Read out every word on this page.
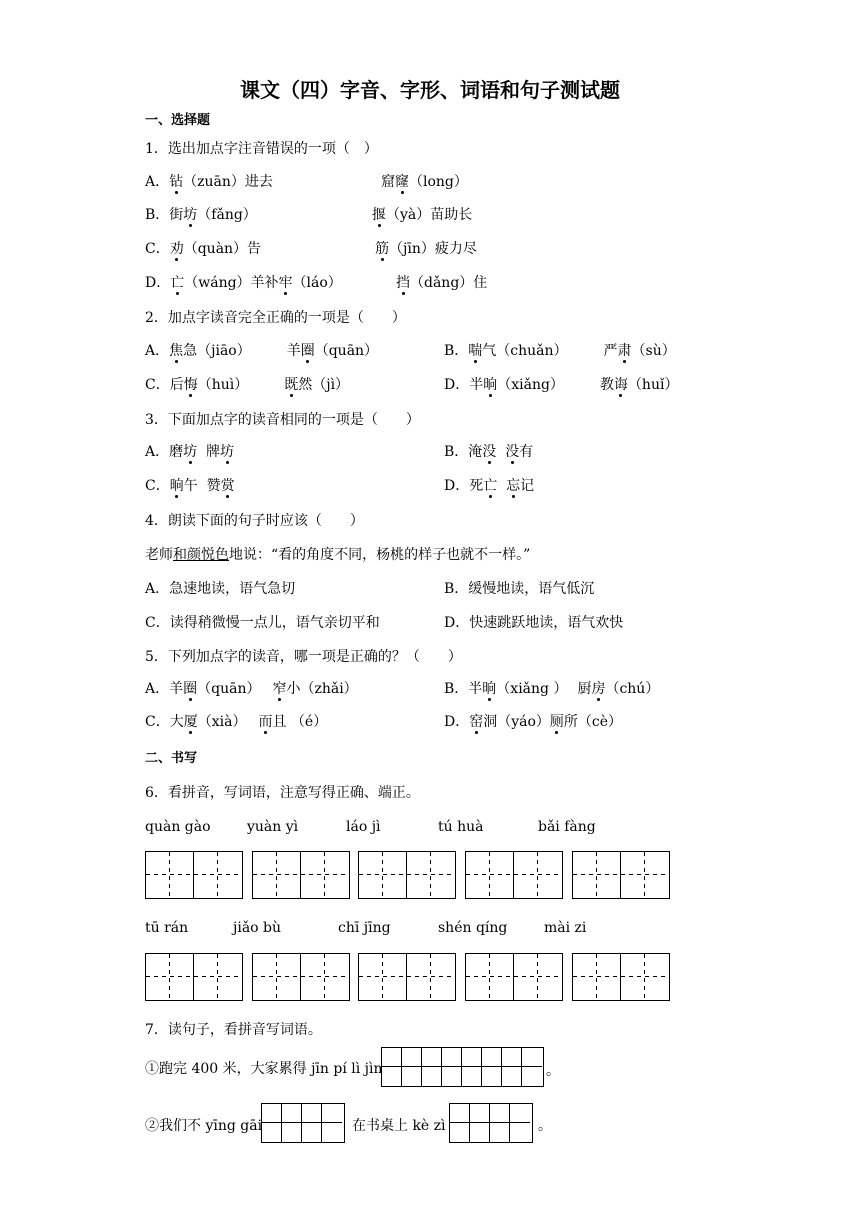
课文（四）字音、字形、词语和句子测试题
一、选择题
1．选出加点字注音错误的一项（　）
A．钻（zuān）进去	窟窿（long）
B．街坊（fǎng）	揠（yà）苗助长
C．劝（quàn）告	筋（jīn）疲力尽
D．亡（wáng）羊补牢（láo）	挡（dǎng）住
2．加点字读音完全正确的一项是（　　）
A．焦急（jiāo）	羊圈（quān）	B．喘气（chuǎn）	严肃（sù）
C．后悔（huì）	既然（jì）	D．半晌（xiǎng）	教诲（huǐ）
3．下面加点字的读音相同的一项是（　　）
A．磨坊  牌坊	B．淹没 没有
C．晌午  赞赏	D．死亡 忘记
4．朗读下面的句子时应该（　　）
老师和颜悦色地说：“看的角度不同，杨桃的样子也就不一样。”
A．急速地读，语气急切	B．缓慢地读，语气低沉
C．读得稍微慢一点儿，语气亲切平和	D．快速跳跃地读，语气欢快
5．下列加点字的读音，哪一项是正确的？（　　）
A．羊圈（quān） 窄小（zhǎi）	B．半晌（xiǎng ） 厨房（chú）
C．大厦（xià） 而且 （é）	D．窑洞（yáo）厕所（cè）
二、书写
6．看拼音，写词语，注意写得正确、端正。
quàn gào	yuàn yì	láo jì	tú huà	bǎi fàng
tū rán	jiǎo bù	chī jīng	shén qíng	mài zi
7．读句子，看拼音写词语。
①跑完 400 米，大家累得 jīn pí lì jìn	。
②我们不 yīng gāi	在书桌上 kè zì	。
